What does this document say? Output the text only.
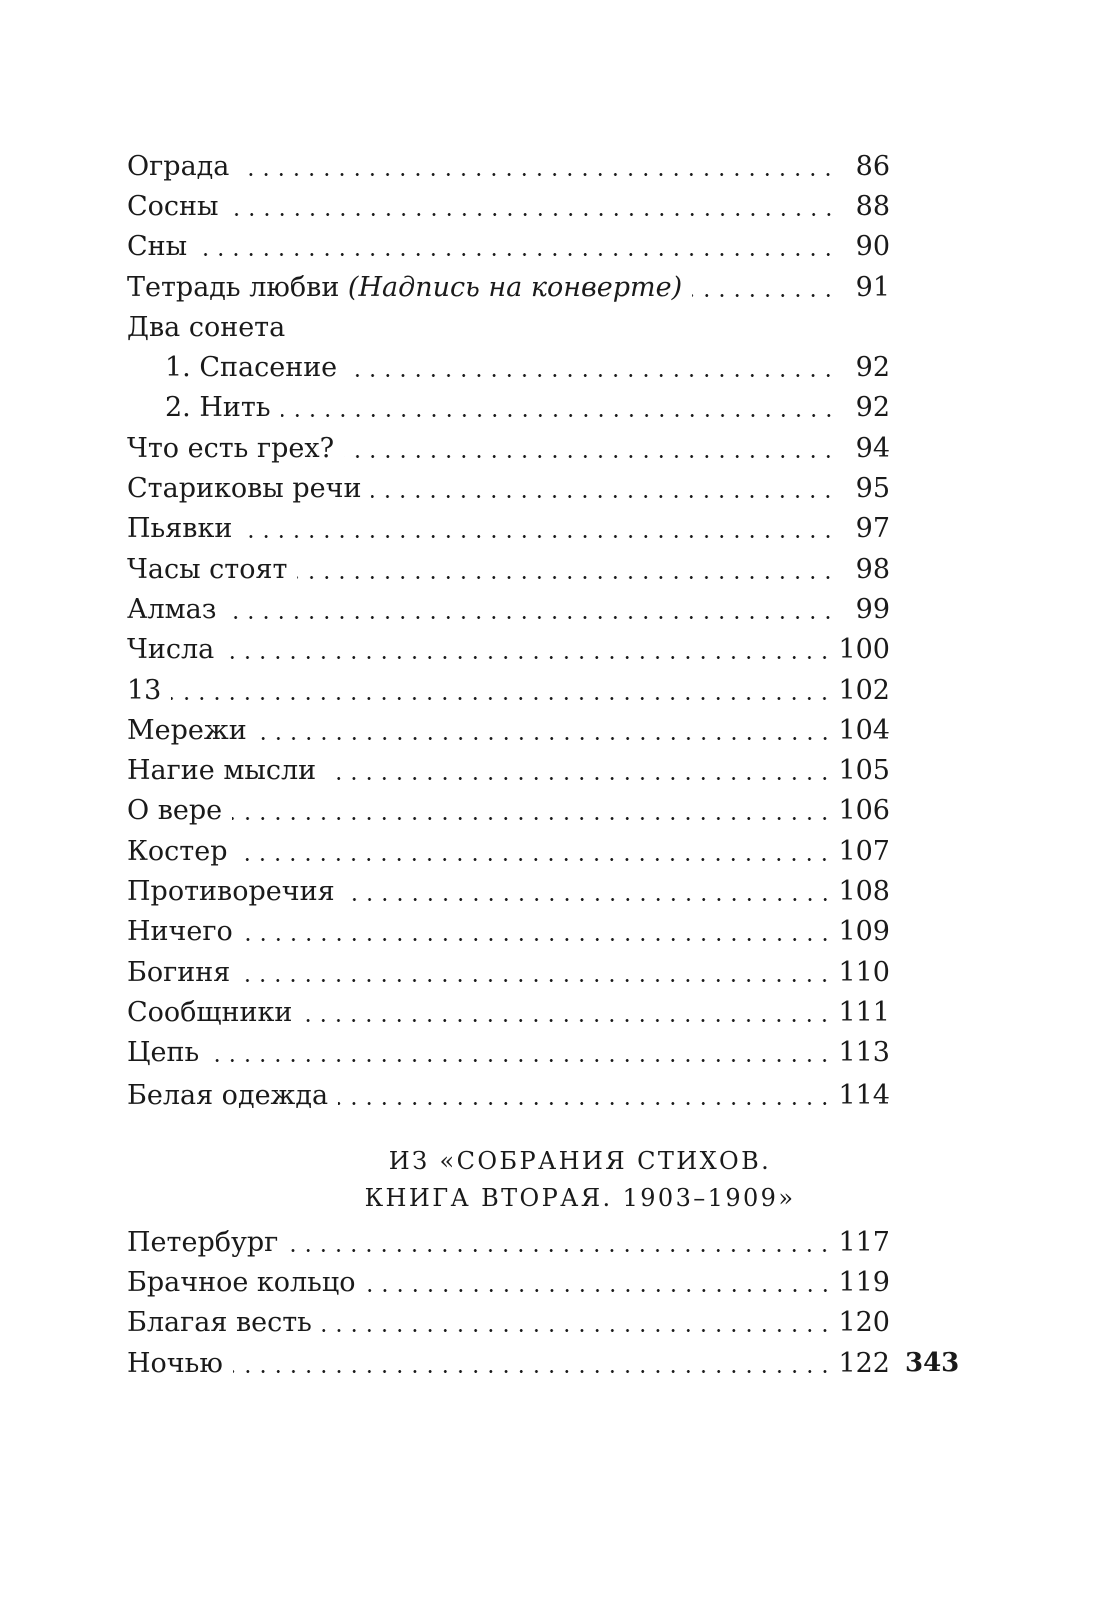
Ограда	86
Сосны	88
Сны	90
Тетрадь любви (Надпись на конверте)	91
Два сонета
1. Спасение	92
2. Нить	92
Что есть грех?	94
Стариковы речи	95
Пьявки	97
Часы стоят	98
Алмаз	99
Числа	100
13	102
Мережи	104
Нагие мысли	105
О вере	106
Костер	107
Противоречия	108
Ничего	109
Богиня	110
Сообщники	111
Цепь	113
Белая одежда	114
ИЗ «СОБРАНИЯ СТИХОВ.
КНИГА ВТОРАЯ. 1903–1909»
Петербург	117
Брачное кольцо	119
Благая весть	120
Ночью	122 343
